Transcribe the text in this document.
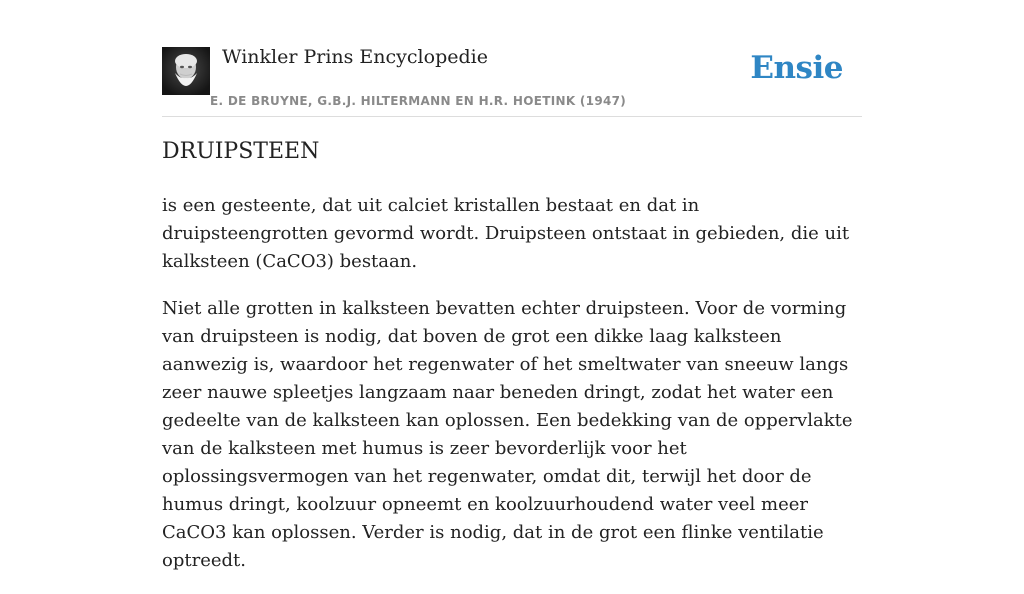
Winkler Prins Encyclopedie
E. DE BRUYNE, G.B.J. HILTERMANN EN H.R. HOETINK (1947)
Ensie
DRUIPSTEEN

is een gesteente, dat uit calciet kristallen bestaat en dat in druipsteengrotten gevormd wordt. Druipsteen ontstaat in gebieden, die uit kalksteen (CaCO3) bestaan.

Niet alle grotten in kalksteen bevatten echter druipsteen. Voor de vorming van druipsteen is nodig, dat boven de grot een dikke laag kalksteen aanwezig is, waardoor het regenwater of het smeltwater van sneeuw langs zeer nauwe spleetjes langzaam naar beneden dringt, zodat het water een gedeelte van de kalksteen kan oplossen. Een bedekking van de oppervlakte van de kalksteen met humus is zeer bevorderlijk voor het oplossingsvermogen van het regenwater, omdat dit, terwijl het door de humus dringt, koolzuur opneemt en koolzuurhoudend water veel meer CaCO3 kan oplossen. Verder is nodig, dat in de grot een flinke ventilatie optreedt.
